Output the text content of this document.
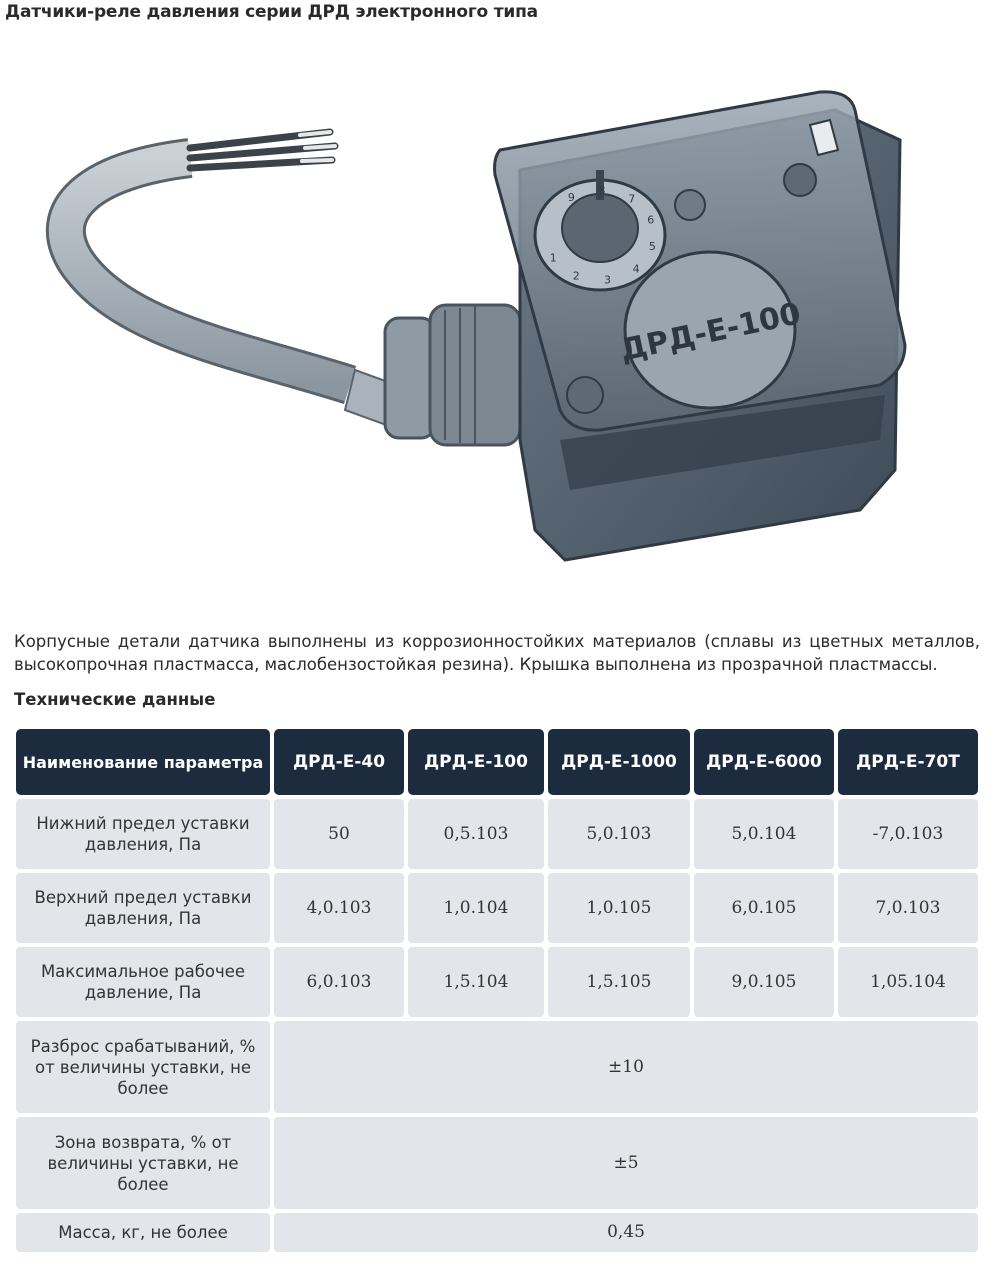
Датчики-реле давления серии ДРД электронного типа
ДРД-Е-100
1
2 3
4
5
6
7
8
9

Корпусные детали датчика выполнены из коррозионностойких материалов (сплавы из цветных металлов, высокопрочная пластмасса, маслобензостойкая резина). Крышка выполнена из прозрачной пластмассы.

Технические данные
Наименование параметра	ДРД-Е-40	ДРД-Е-100	ДРД-Е-1000	ДРД-Е-6000	ДРД-Е-70Т
Нижний предел уставки давления, Па	50	0,5.103	5,0.103	5,0.104	-7,0.103
Верхний предел уставки давления, Па	4,0.103	1,0.104	1,0.105	6,0.105	7,0.103
Максимальное рабочее давление, Па	6,0.103	1,5.104	1,5.105	9,0.105	1,05.104
Разброс срабатываний, % от величины уставки, не более	±10				
Зона возврата, % от величины уставки, не более	±5				
Масса, кг, не более	0,45				
